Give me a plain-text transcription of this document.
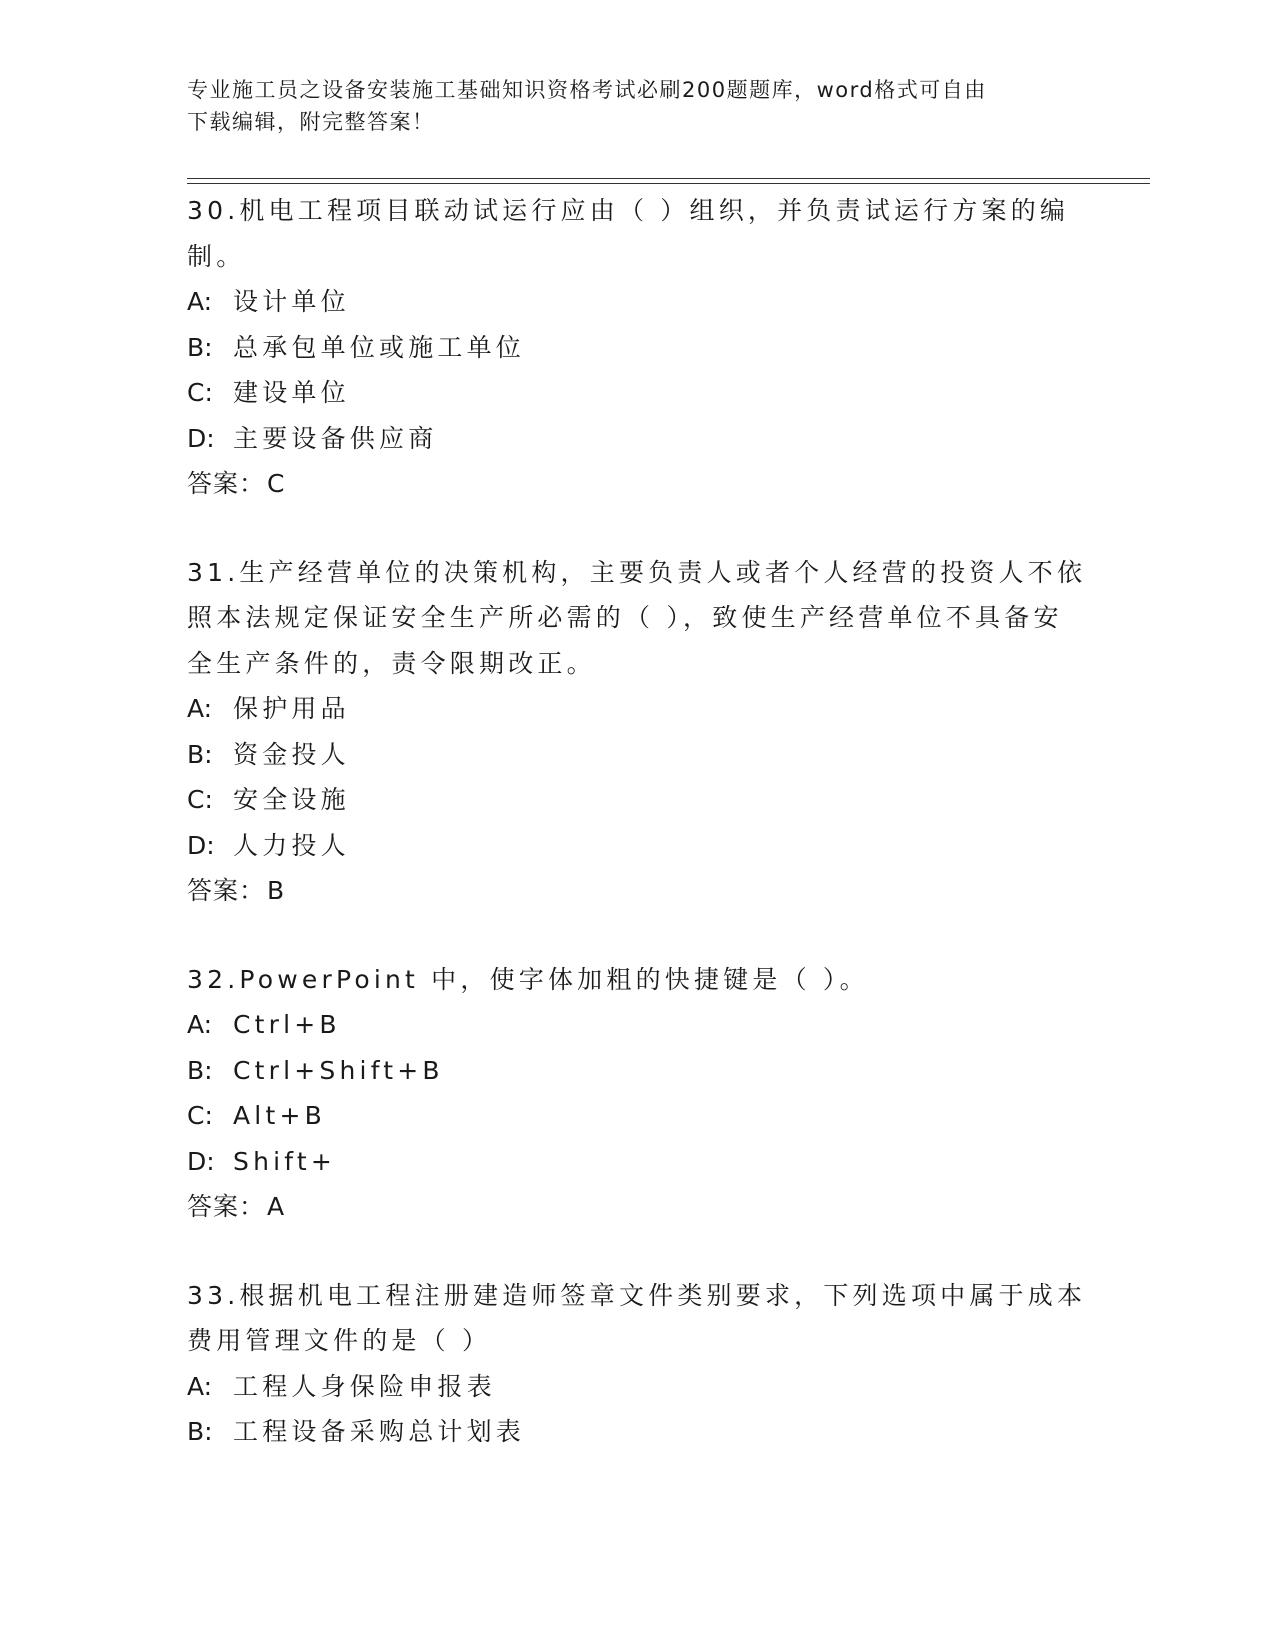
专业施工员之设备安装施工基础知识资格考试必刷200题题库，word格式可自由
下载编辑，附完整答案！

30.机电工程项目联动试运行应由（ ）组织，并负责试运行方案的编

制。

A: 设计单位

B: 总承包单位或施工单位

C: 建设单位

D: 主要设备供应商

答案：C

31.生产经营单位的决策机构，主要负责人或者个人经营的投资人不依

照本法规定保证安全生产所必需的（ ），致使生产经营单位不具备安

全生产条件的，责令限期改正。

A: 保护用品

B: 资金投人

C: 安全设施

D: 人力投人

答案：B

32.PowerPoint 中，使字体加粗的快捷键是（ ）。

A: Ctrl+B

B: Ctrl+Shift+B

C: Alt+B

D: Shift+

答案：A

33.根据机电工程注册建造师签章文件类别要求，下列选项中属于成本

费用管理文件的是（ ）

A: 工程人身保险申报表

B: 工程设备采购总计划表
